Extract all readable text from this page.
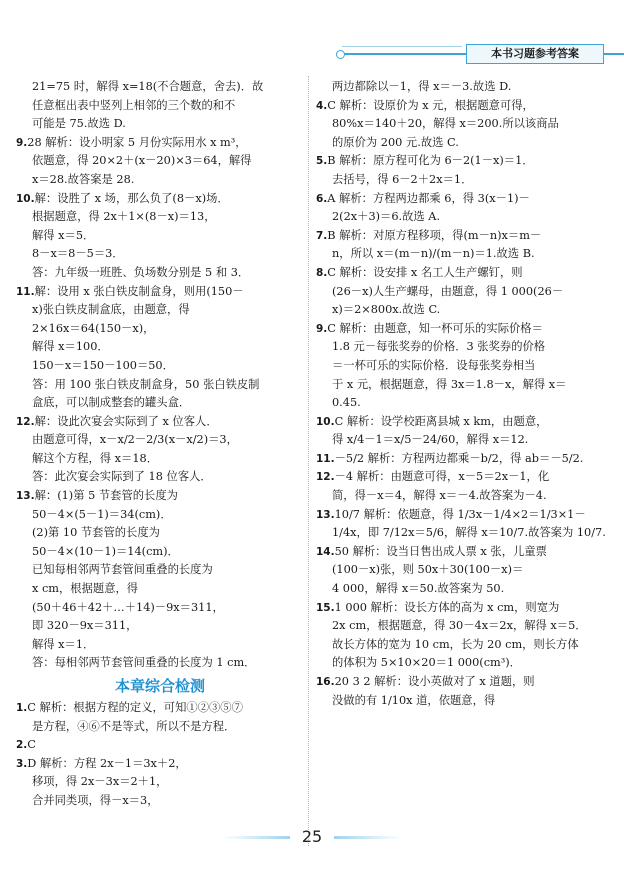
本书习题参考答案
21=75 时，解得 x=18(不合题意，舍去)．故
任意框出表中竖列上相邻的三个数的和不
可能是 75.故选 D.
9.28 解析：设小明家 5 月份实际用水 x m³，
依题意，得 20×2＋(x－20)×3＝64，解得
x＝28.故答案是 28.
10.解：设胜了 x 场，那么负了(8－x)场．
根据题意，得 2x＋1×(8－x)＝13，
解得 x＝5．
8－x＝8－5＝3．
答：九年级一班胜、负场数分别是 5 和 3．
11.解：设用 x 张白铁皮制盒身，则用(150－
x)张白铁皮制盒底，由题意，得
2×16x＝64(150－x)，
解得 x＝100．
150－x＝150－100＝50．
答：用 100 张白铁皮制盒身，50 张白铁皮制
盒底，可以制成整套的罐头盒．
12.解：设此次宴会实际到了 x 位客人．
由题意可得，x－x/2－2/3(x－x/2)＝3，
解这个方程，得 x＝18．
答：此次宴会实际到了 18 位客人．
13.解：(1)第 5 节套管的长度为
50－4×(5－1)＝34(cm)．
(2)第 10 节套管的长度为
50－4×(10－1)＝14(cm)．
已知每相邻两节套管间重叠的长度为
x cm，根据题意，得
(50＋46＋42＋…＋14)－9x＝311，
即 320－9x＝311，
解得 x＝1．
答：每相邻两节套管间重叠的长度为 1 cm．
本章综合检测
1.C 解析：根据方程的定义，可知①②③⑤⑦
是方程，④⑥不是等式，所以不是方程．
2.C
3.D 解析：方程 2x－1＝3x＋2，
移项，得 2x－3x＝2＋1，
合并同类项，得－x＝3，
两边都除以－1，得 x＝－3.故选 D.
4.C 解析：设原价为 x 元，根据题意可得，
80%x＝140＋20，解得 x＝200.所以该商品
的原价为 200 元.故选 C.
5.B 解析：原方程可化为 6－2(1－x)＝1．
去括号，得 6－2＋2x＝1．
6.A 解析：方程两边都乘 6，得 3(x－1)－
2(2x＋3)＝6.故选 A.
7.B 解析：对原方程移项，得(m－n)x＝m－
n，所以 x＝(m－n)/(m－n)＝1.故选 B.
8.C 解析：设安排 x 名工人生产螺钉，则
(26－x)人生产螺母，由题意，得 1 000(26－
x)＝2×800x.故选 C.
9.C 解析：由题意，知一杯可乐的实际价格＝
1.8 元－每张奖券的价格．3 张奖券的价格
＝一杯可乐的实际价格．设每张奖券相当
于 x 元，根据题意，得 3x＝1.8－x，解得 x＝
0.45.
10.C 解析：设学校距离县城 x km，由题意，
得 x/4－1＝x/5－24/60，解得 x＝12.
11.－5/2 解析：方程两边都乘－b/2，得 ab＝－5/2.
12.－4 解析：由题意可得，x－5＝2x－1，化
简，得－x＝4，解得 x＝－4.故答案为－4.
13.10/7 解析：依题意，得 1/3x－1/4×2＝1/3×1－
1/4x，即 7/12x＝5/6，解得 x＝10/7.故答案为 10/7.
14.50 解析：设当日售出成人票 x 张，儿童票
(100－x)张，则 50x＋30(100－x)＝
4 000，解得 x＝50.故答案为 50.
15.1 000 解析：设长方体的高为 x cm，则宽为
2x cm，根据题意，得 30－4x＝2x，解得 x＝5．
故长方体的宽为 10 cm，长为 20 cm，则长方体
的体积为 5×10×20＝1 000(cm³)．
16.20 3 2 解析：设小英做对了 x 道题，则
没做的有 1/10x 道，依题意，得
25
